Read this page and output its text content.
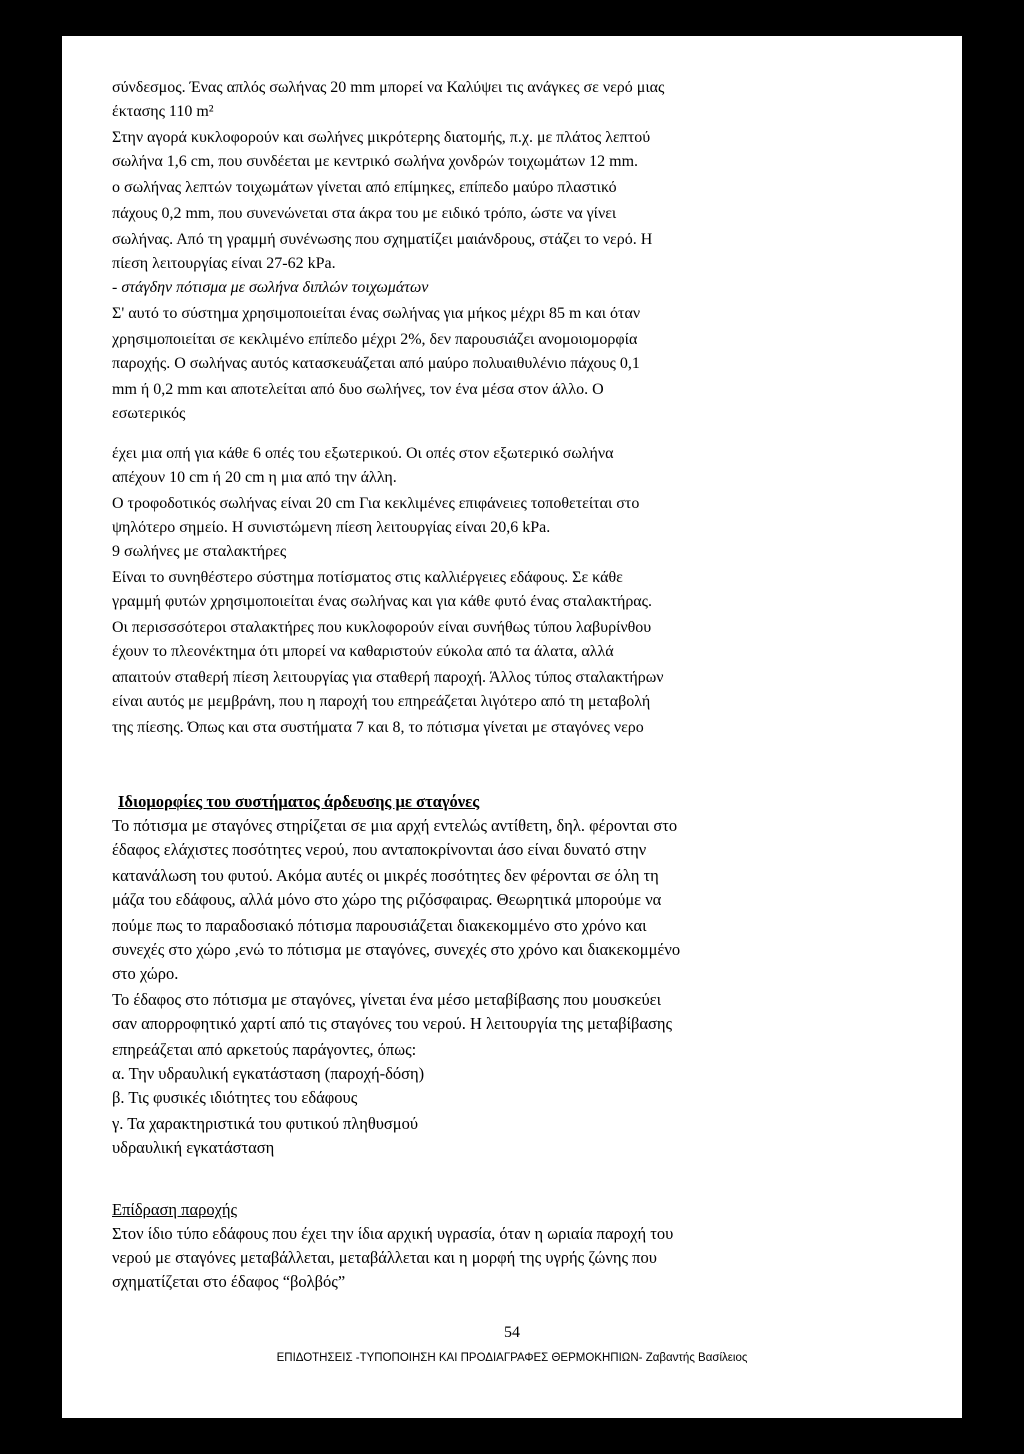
σύνδεσμος. Ένας απλός σωλήνας 20 mm μπορεί να Καλύψει τις ανάγκες σε νερό μιας
έκτασης 110 m²
Στην αγορά κυκλοφορούν και σωλήνες μικρότερης διατομής, π.χ. με πλάτος λεπτού
σωλήνα 1,6 cm, που συνδέεται με κεντρικό σωλήνα χονδρών τοιχωμάτων 12 mm.
ο σωλήνας λεπτών τοιχωμάτων γίνεται από επίμηκες, επίπεδο μαύρο πλαστικό
πάχους 0,2 mm, που συνενώνεται στα άκρα του με ειδικό τρόπο, ώστε να γίνει
σωλήνας. Από τη γραμμή συνένωσης που σχηματίζει μαιάνδρους, στάζει το νερό. Η
πίεση λειτουργίας είναι 27-62 kPa.
- στάγδην πότισμα με σωλήνα διπλών τοιχωμάτων
Σ' αυτό το σύστημα χρησιμοποιείται ένας σωλήνας για μήκος μέχρι 85 m και όταν
χρησιμοποιείται σε κεκλιμένο επίπεδο μέχρι 2%, δεν παρουσιάζει ανομοιομορφία
παροχής. Ο σωλήνας αυτός κατασκευάζεται από μαύρο πολυαιθυλένιο πάχους 0,1
mm ή 0,2 mm και αποτελείται από δυο σωλήνες, τον ένα μέσα στον άλλο. Ο
εσωτερικός
έχει μια οπή για κάθε 6 οπές του εξωτερικού. Οι οπές στον εξωτερικό σωλήνα
απέχουν 10 cm ή 20 cm η μια από την άλλη.
Ο τροφοδοτικός σωλήνας είναι 20 cm Για κεκλιμένες επιφάνειες τοποθετείται στο
ψηλότερο σημείο. Η συνιστώμενη πίεση λειτουργίας είναι 20,6 kPa.
9 σωλήνες με σταλακτήρες
Είναι το συνηθέστερο σύστημα ποτίσματος στις καλλιέργειες εδάφους. Σε κάθε
γραμμή φυτών χρησιμοποιείται ένας σωλήνας και για κάθε φυτό ένας σταλακτήρας.
Οι περισσσότεροι σταλακτήρες που κυκλοφορούν είναι συνήθως τύπου λαβυρίνθου
έχουν το πλεονέκτημα ότι μπορεί να καθαριστούν εύκολα από τα άλατα, αλλά
απαιτούν σταθερή πίεση λειτουργίας για σταθερή παροχή. Άλλος τύπος σταλακτήρων
είναι αυτός με μεμβράνη, που η παροχή του επηρεάζεται λιγότερο από τη μεταβολή
της πίεσης. Όπως και στα συστήματα 7 και 8, το πότισμα γίνεται με σταγόνες νερο
Ιδιομορφίες του συστήματος άρδευσης με σταγόνες
Το πότισμα με σταγόνες στηρίζεται σε μια αρχή εντελώς αντίθετη, δηλ. φέρονται στο
έδαφος ελάχιστες ποσότητες νερού, που ανταποκρίνονται άσο είναι δυνατό στην
κατανάλωση του φυτού. Ακόμα αυτές οι μικρές ποσότητες δεν φέρονται σε όλη τη
μάζα του εδάφους, αλλά μόνο στο χώρο της ριζόσφαιρας. Θεωρητικά μπορούμε να
πούμε πως το παραδοσιακό πότισμα παρουσιάζεται διακεκομμένο στο χρόνο και
συνεχές στο χώρο ,ενώ το πότισμα με σταγόνες, συνεχές στο χρόνο και διακεκομμένο
στο χώρο.
Το έδαφος στο πότισμα με σταγόνες, γίνεται ένα μέσο μεταβίβασης που μουσκεύει
σαν απορροφητικό χαρτί από τις σταγόνες του νερού. Η λειτουργία της μεταβίβασης
επηρεάζεται από αρκετούς παράγοντες, όπως:
α. Την υδραυλική εγκατάσταση (παροχή-δόση)
β. Τις φυσικές ιδιότητες του εδάφους
γ. Τα χαρακτηριστικά του φυτικού πληθυσμού
υδραυλική εγκατάσταση
Επίδραση παροχής
Στον ίδιο τύπο εδάφους που έχει την ίδια αρχική υγρασία, όταν η ωριαία παροχή του
νερού με σταγόνες μεταβάλλεται, μεταβάλλεται και η μορφή της υγρής ζώνης που
σχηματίζεται στο έδαφος “βολβός”
54
ΕΠΙΔΟΤΗΣΕΙΣ -ΤΥΠΟΠΟΙΗΣΗ ΚΑΙ ΠΡΟΔΙΑΓΡΑΦΕΣ ΘΕΡΜΟΚΗΠΙΩΝ- Ζαβαντής Βασίλειος
